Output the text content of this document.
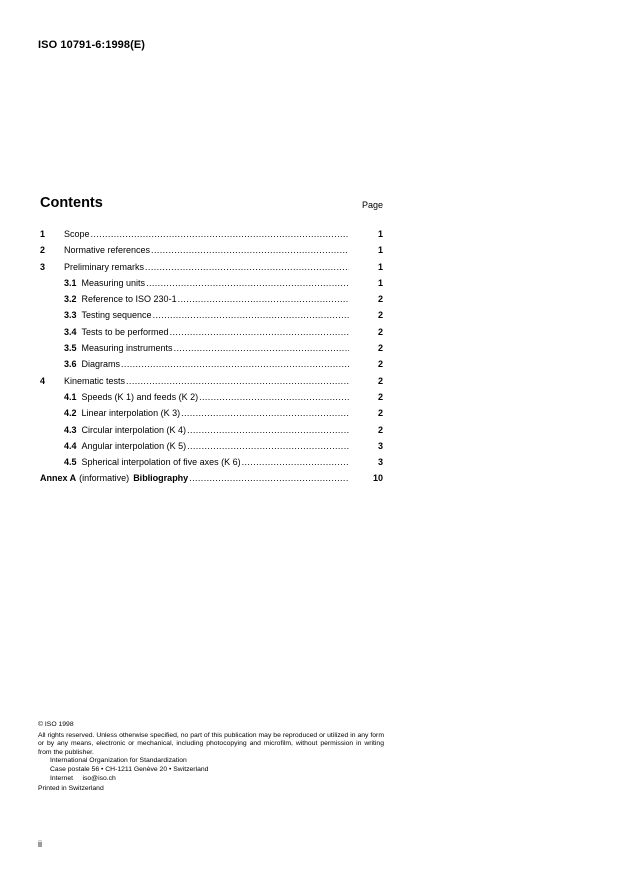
ISO 10791-6:1998(E)
Contents	Page
1	Scope .....	1
2	Normative references .....	1
3	Preliminary remarks .....	1
3.1 Measuring units .....	1
3.2 Reference to ISO 230-1 .....	2
3.3 Testing sequence .....	2
3.4 Tests to be performed .....	2
3.5 Measuring instruments .....	2
3.6 Diagrams .....	2
4	Kinematic tests .....	2
4.1 Speeds (K 1) and feeds (K 2) .....	2
4.2 Linear interpolation (K 3) .....	2
4.3 Circular interpolation (K 4) .....	2
4.4 Angular interpolation (K 5) .....	3
4.5 Spherical interpolation of five axes (K 6) .....	3
Annex A (informative) Bibliography .....	10

© ISO 1998

All rights reserved. Unless otherwise specified, no part of this publication may be reproduced or utilized in any form or by any means, electronic or mechanical, including photocopying and microfilm, without permission in writing from the publisher.

International Organization for Standardization

Case postale 56 • CH-1211 Genève 20 • Switzerland

Internet     iso@iso.ch

Printed in Switzerland

ii
